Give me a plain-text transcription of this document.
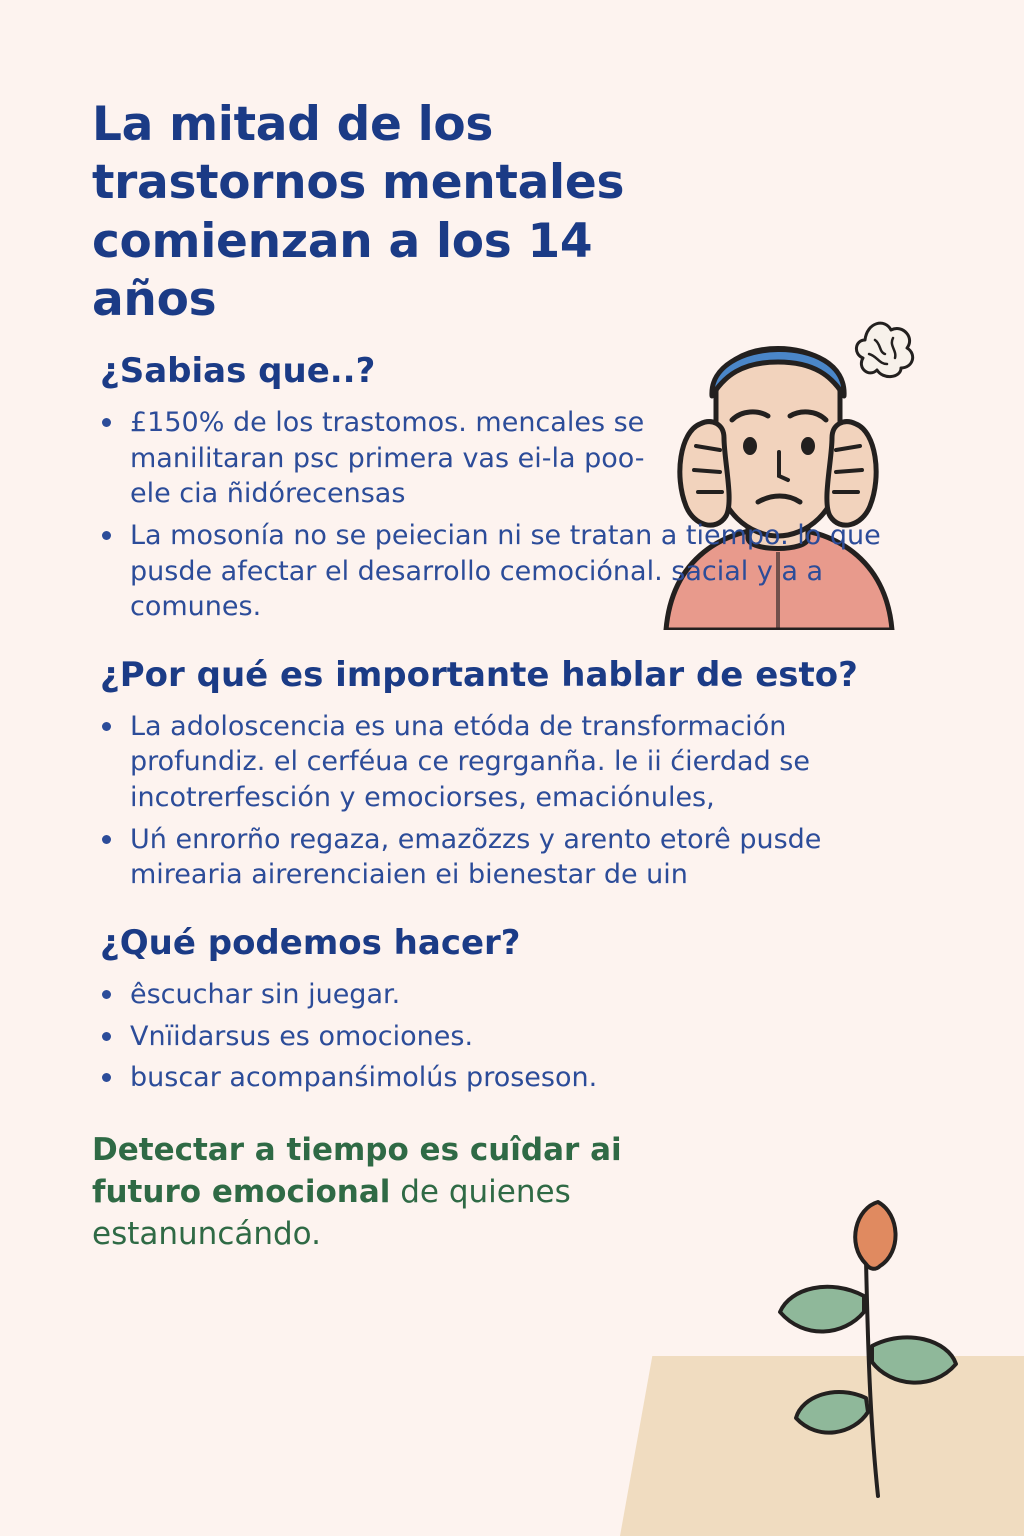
La mitad de los trastornos mentales comienzan a los 14 años
¿Sabias que..?
£150% de los trastomos. mencales se manilitaran psc primera vas ei-la poo-ele cia ñidórecensas
La mosonía no se peiecian ni se tratan a tiempo. lo que pusde afectar el desarrollo cemociónal. sacial y a a comunes.
¿Por qué es importante hablar de esto?
La adoloscencia es una etóda de transformación profundiz. el cerféua ce regrganña. le ii ćierdad se incotrerfesción y emociorses, emaciónules,
Uń enrorño regaza, emazõzzs y arento etorê pusde mirearia airerenciaien ei bienestar de uin
¿Qué podemos hacer?
êscuchar sin juegar.
Vnïidarsus es omociones.
buscar acompanśimolús proseson.
Detectar a tiempo es cuîdar ai
futuro emocional de quienes estanuncándo.
